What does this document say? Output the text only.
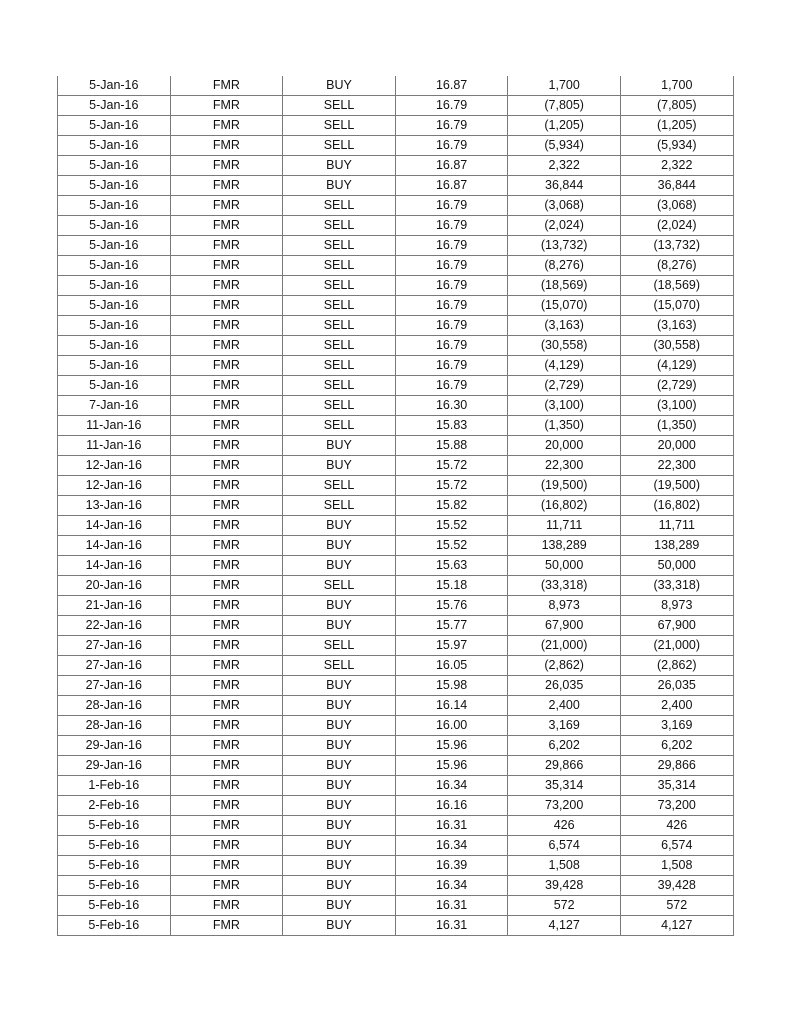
5-Jan-16	FMR	BUY	16.87	1,700	1,700
5-Jan-16	FMR	SELL	16.79	(7,805)	(7,805)
5-Jan-16	FMR	SELL	16.79	(1,205)	(1,205)
5-Jan-16	FMR	SELL	16.79	(5,934)	(5,934)
5-Jan-16	FMR	BUY	16.87	2,322	2,322
5-Jan-16	FMR	BUY	16.87	36,844	36,844
5-Jan-16	FMR	SELL	16.79	(3,068)	(3,068)
5-Jan-16	FMR	SELL	16.79	(2,024)	(2,024)
5-Jan-16	FMR	SELL	16.79	(13,732)	(13,732)
5-Jan-16	FMR	SELL	16.79	(8,276)	(8,276)
5-Jan-16	FMR	SELL	16.79	(18,569)	(18,569)
5-Jan-16	FMR	SELL	16.79	(15,070)	(15,070)
5-Jan-16	FMR	SELL	16.79	(3,163)	(3,163)
5-Jan-16	FMR	SELL	16.79	(30,558)	(30,558)
5-Jan-16	FMR	SELL	16.79	(4,129)	(4,129)
5-Jan-16	FMR	SELL	16.79	(2,729)	(2,729)
7-Jan-16	FMR	SELL	16.30	(3,100)	(3,100)
11-Jan-16	FMR	SELL	15.83	(1,350)	(1,350)
11-Jan-16	FMR	BUY	15.88	20,000	20,000
12-Jan-16	FMR	BUY	15.72	22,300	22,300
12-Jan-16	FMR	SELL	15.72	(19,500)	(19,500)
13-Jan-16	FMR	SELL	15.82	(16,802)	(16,802)
14-Jan-16	FMR	BUY	15.52	11,711	11,711
14-Jan-16	FMR	BUY	15.52	138,289	138,289
14-Jan-16	FMR	BUY	15.63	50,000	50,000
20-Jan-16	FMR	SELL	15.18	(33,318)	(33,318)
21-Jan-16	FMR	BUY	15.76	8,973	8,973
22-Jan-16	FMR	BUY	15.77	67,900	67,900
27-Jan-16	FMR	SELL	15.97	(21,000)	(21,000)
27-Jan-16	FMR	SELL	16.05	(2,862)	(2,862)
27-Jan-16	FMR	BUY	15.98	26,035	26,035
28-Jan-16	FMR	BUY	16.14	2,400	2,400
28-Jan-16	FMR	BUY	16.00	3,169	3,169
29-Jan-16	FMR	BUY	15.96	6,202	6,202
29-Jan-16	FMR	BUY	15.96	29,866	29,866
1-Feb-16	FMR	BUY	16.34	35,314	35,314
2-Feb-16	FMR	BUY	16.16	73,200	73,200
5-Feb-16	FMR	BUY	16.31	426	426
5-Feb-16	FMR	BUY	16.34	6,574	6,574
5-Feb-16	FMR	BUY	16.39	1,508	1,508
5-Feb-16	FMR	BUY	16.34	39,428	39,428
5-Feb-16	FMR	BUY	16.31	572	572
5-Feb-16	FMR	BUY	16.31	4,127	4,127
